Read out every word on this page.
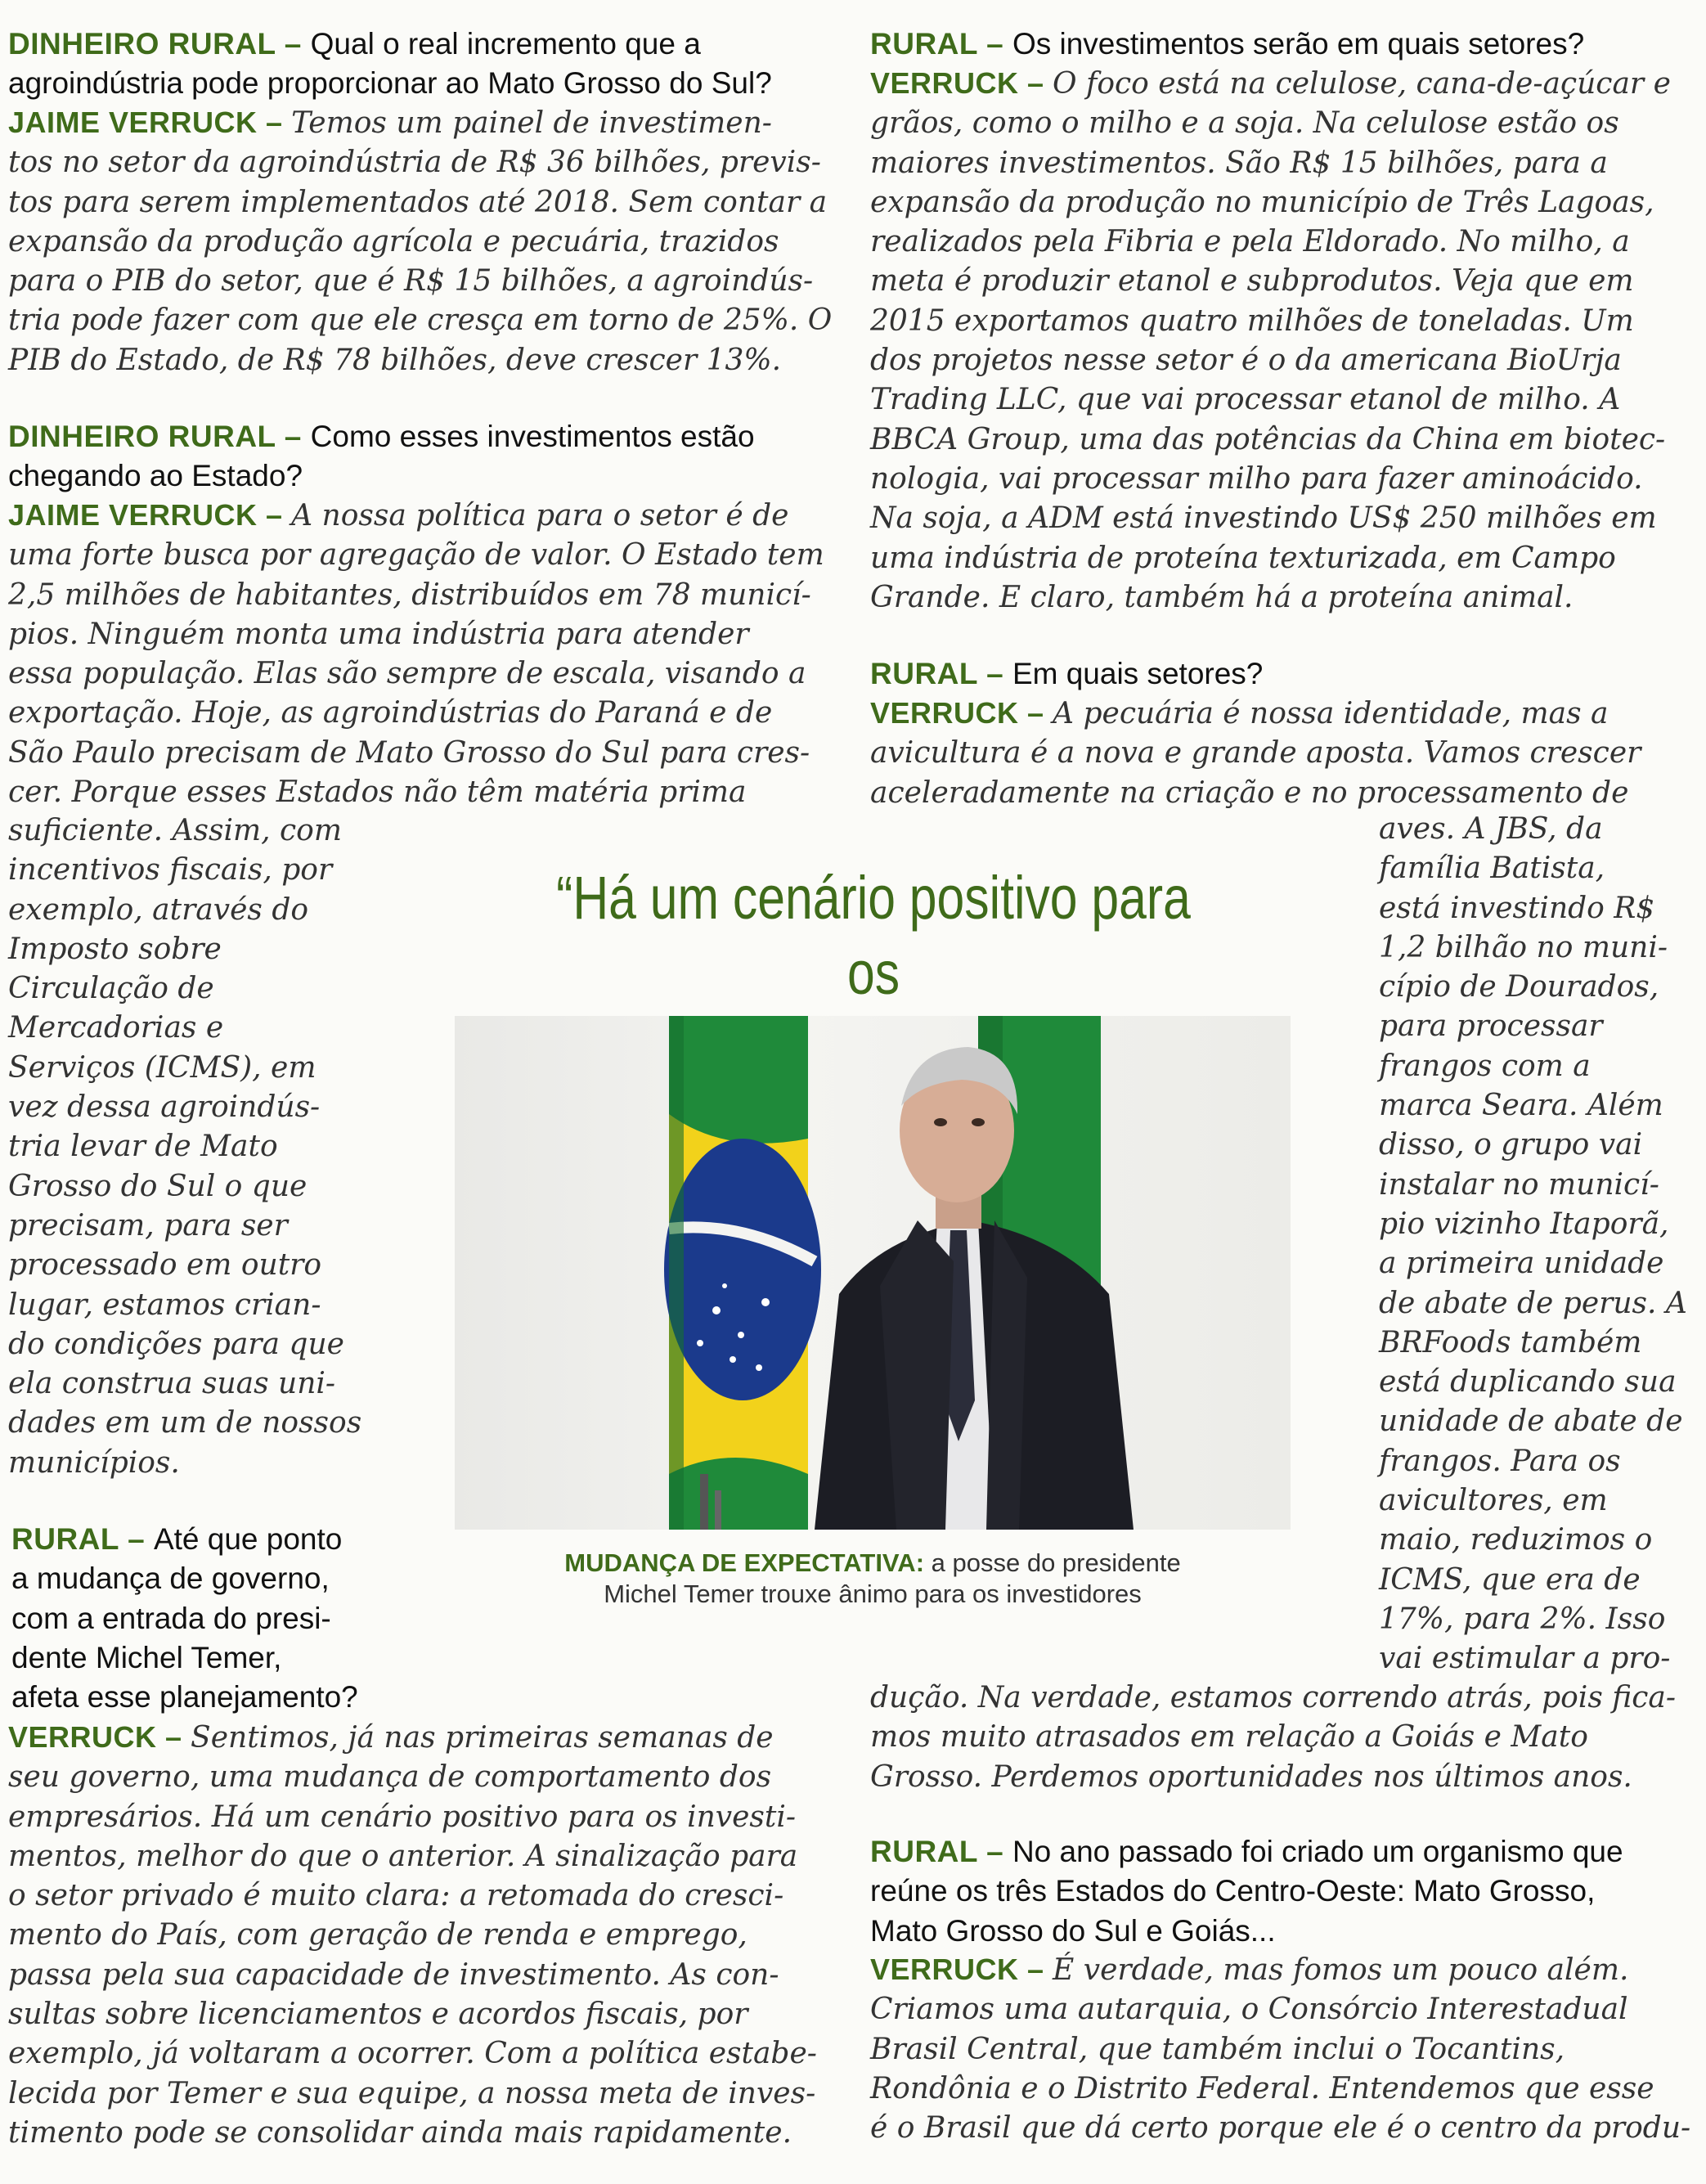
DINHEIRO RURAL – Qual o real incremento que a
agroindústria pode proporcionar ao Mato Grosso do Sul?
JAIME VERRUCK – Temos um painel de investimen-
tos no setor da agroindústria de R$ 36 bilhões, previs-
tos para serem implementados até 2018. Sem contar a
expansão da produção agrícola e pecuária, trazidos
para o PIB do setor, que é R$ 15 bilhões, a agroindús-
tria pode fazer com que ele cresça em torno de 25%. O
PIB do Estado, de R$ 78 bilhões, deve crescer 13%.
DINHEIRO RURAL – Como esses investimentos estão
chegando ao Estado?
JAIME VERRUCK – A nossa política para o setor é de
uma forte busca por agregação de valor. O Estado tem
2,5 milhões de habitantes, distribuídos em 78 municí-
pios. Ninguém monta uma indústria para atender
essa população. Elas são sempre de escala, visando a
exportação. Hoje, as agroindústrias do Paraná e de
São Paulo precisam de Mato Grosso do Sul para cres-
cer. Porque esses Estados não têm matéria prima
suficiente. Assim, com
incentivos fiscais, por
exemplo, através do
Imposto sobre
Circulação de
Mercadorias e
Serviços (ICMS), em
vez dessa agroindús-
tria levar de Mato
Grosso do Sul o que
precisam, para ser
processado em outro
lugar, estamos crian-
do condições para que
ela construa suas uni-
dades em um de nossos
municípios.
RURAL – Até que ponto
a mudança de governo,
com a entrada do presi-
dente Michel Temer,
afeta esse planejamento?
VERRUCK – Sentimos, já nas primeiras semanas de
seu governo, uma mudança de comportamento dos
empresários. Há um cenário positivo para os investi-
mentos, melhor do que o anterior. A sinalização para
o setor privado é muito clara: a retomada do cresci-
mento do País, com geração de renda e emprego,
passa pela sua capacidade de investimento. As con-
sultas sobre licenciamentos e acordos fiscais, por
exemplo, já voltaram a ocorrer. Com a política estabe-
lecida por Temer e sua equipe, a nossa meta de inves-
timento pode se consolidar ainda mais rapidamente.
RURAL – Os investimentos serão em quais setores?
VERRUCK – O foco está na celulose, cana-de-açúcar e
grãos, como o milho e a soja. Na celulose estão os
maiores investimentos. São R$ 15 bilhões, para a
expansão da produção no município de Três Lagoas,
realizados pela Fibria e pela Eldorado. No milho, a
meta é produzir etanol e subprodutos. Veja que em
2015 exportamos quatro milhões de toneladas. Um
dos projetos nesse setor é o da americana BioUrja
Trading LLC, que vai processar etanol de milho. A
BBCA Group, uma das potências da China em biotec-
nologia, vai processar milho para fazer aminoácido.
Na soja, a ADM está investindo US$ 250 milhões em
uma indústria de proteína texturizada, em Campo
Grande. E claro, também há a proteína animal.
RURAL – Em quais setores?
VERRUCK – A pecuária é nossa identidade, mas a
avicultura é a nova e grande aposta. Vamos crescer
aceleradamente na criação e no processamento de
aves. A JBS, da
família Batista,
está investindo R$
1,2 bilhão no muni-
cípio de Dourados,
para processar
frangos com a
marca Seara. Além
disso, o grupo vai
instalar no municí-
pio vizinho Itaporã,
a primeira unidade
de abate de perus. A
BRFoods também
está duplicando sua
unidade de abate de
frangos. Para os
avicultores, em
maio, reduzimos o
ICMS, que era de
17%, para 2%. Isso
vai estimular a pro-
dução. Na verdade, estamos correndo atrás, pois fica-
mos muito atrasados em relação a Goiás e Mato
Grosso. Perdemos oportunidades nos últimos anos.
RURAL – No ano passado foi criado um organismo que
reúne os três Estados do Centro-Oeste: Mato Grosso,
Mato Grosso do Sul e Goiás...
VERRUCK – É verdade, mas fomos um pouco além.
Criamos uma autarquia, o Consórcio Interestadual
Brasil Central, que também inclui o Tocantins,
Rondônia e o Distrito Federal. Entendemos que esse
é o Brasil que dá certo porque ele é o centro da produ-
“Há um cenário positivo para os
MUDANÇA DE EXPECTATIVA: a posse do presidente
Michel Temer trouxe ânimo para os investidores
